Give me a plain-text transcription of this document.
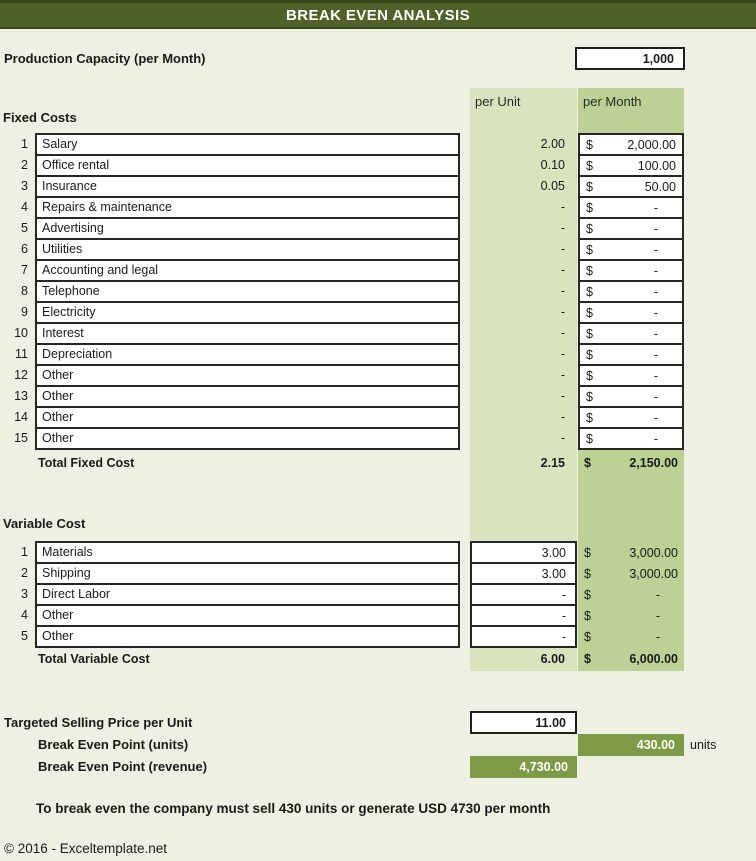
BREAK EVEN ANALYSIS
Production Capacity (per Month)	1,000
per Unit	per Month
Fixed Costs
1	Salary	2.00	$	2,000.00
2	Office rental	0.10	$	100.00
3	Insurance	0.05	$	50.00
4	Repairs & maintenance	-	$	-
5	Advertising	-	$	-
6	Utilities	-	$	-
7	Accounting and legal	-	$	-
8	Telephone	-	$	-
9	Electricity	-	$	-
10	Interest	-	$	-
11	Depreciation	-	$	-
12	Other	-	$	-
13	Other	-	$	-
14	Other	-	$	-
15	Other	-	$	-
Total Fixed Cost	2.15 $	2,150.00
Variable Cost
1	Materials	3.00	$	3,000.00
2	Shipping	3.00	$	3,000.00
3	Direct Labor	-	$	-
4	Other	-	$	-
5	Other	-	$	-
Total Variable Cost	6.00 $	6,000.00
Targeted Selling Price per Unit	11.00
Break Even Point (units)	430.00	units
Break Even Point (revenue)	4,730.00
To break even the company must sell 430 units or generate USD 4730 per month
© 2016 - Exceltemplate.net
